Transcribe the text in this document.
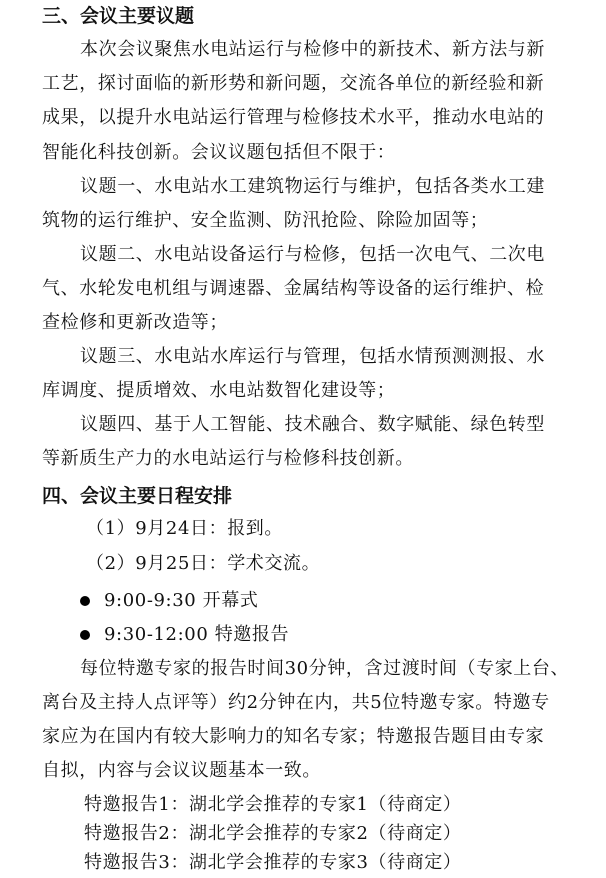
三、会议主要议题
本次会议聚焦水电站运行与检修中的新技术、新方法与新
工艺，探讨面临的新形势和新问题，交流各单位的新经验和新
成果，以提升水电站运行管理与检修技术水平，推动水电站的
智能化科技创新。会议议题包括但不限于：
议题一、水电站水工建筑物运行与维护，包括各类水工建
筑物的运行维护、安全监测、防汛抢险、除险加固等；
议题二、水电站设备运行与检修，包括一次电气、二次电
气、水轮发电机组与调速器、金属结构等设备的运行维护、检
查检修和更新改造等；
议题三、水电站水库运行与管理，包括水情预测测报、水
库调度、提质增效、水电站数智化建设等；
议题四、基于人工智能、技术融合、数字赋能、绿色转型
等新质生产力的水电站运行与检修科技创新。
四、会议主要日程安排
（1）9月24日：报到。
（2）9月25日：学术交流。
9:00-9:30 开幕式
9:30-12:00 特邀报告
每位特邀专家的报告时间30分钟，含过渡时间（专家上台、
离台及主持人点评等）约2分钟在内，共5位特邀专家。特邀专
家应为在国内有较大影响力的知名专家；特邀报告题目由专家
自拟，内容与会议议题基本一致。
特邀报告1：湖北学会推荐的专家1（待商定）
特邀报告2：湖北学会推荐的专家2（待商定）
特邀报告3：湖北学会推荐的专家3（待商定）
